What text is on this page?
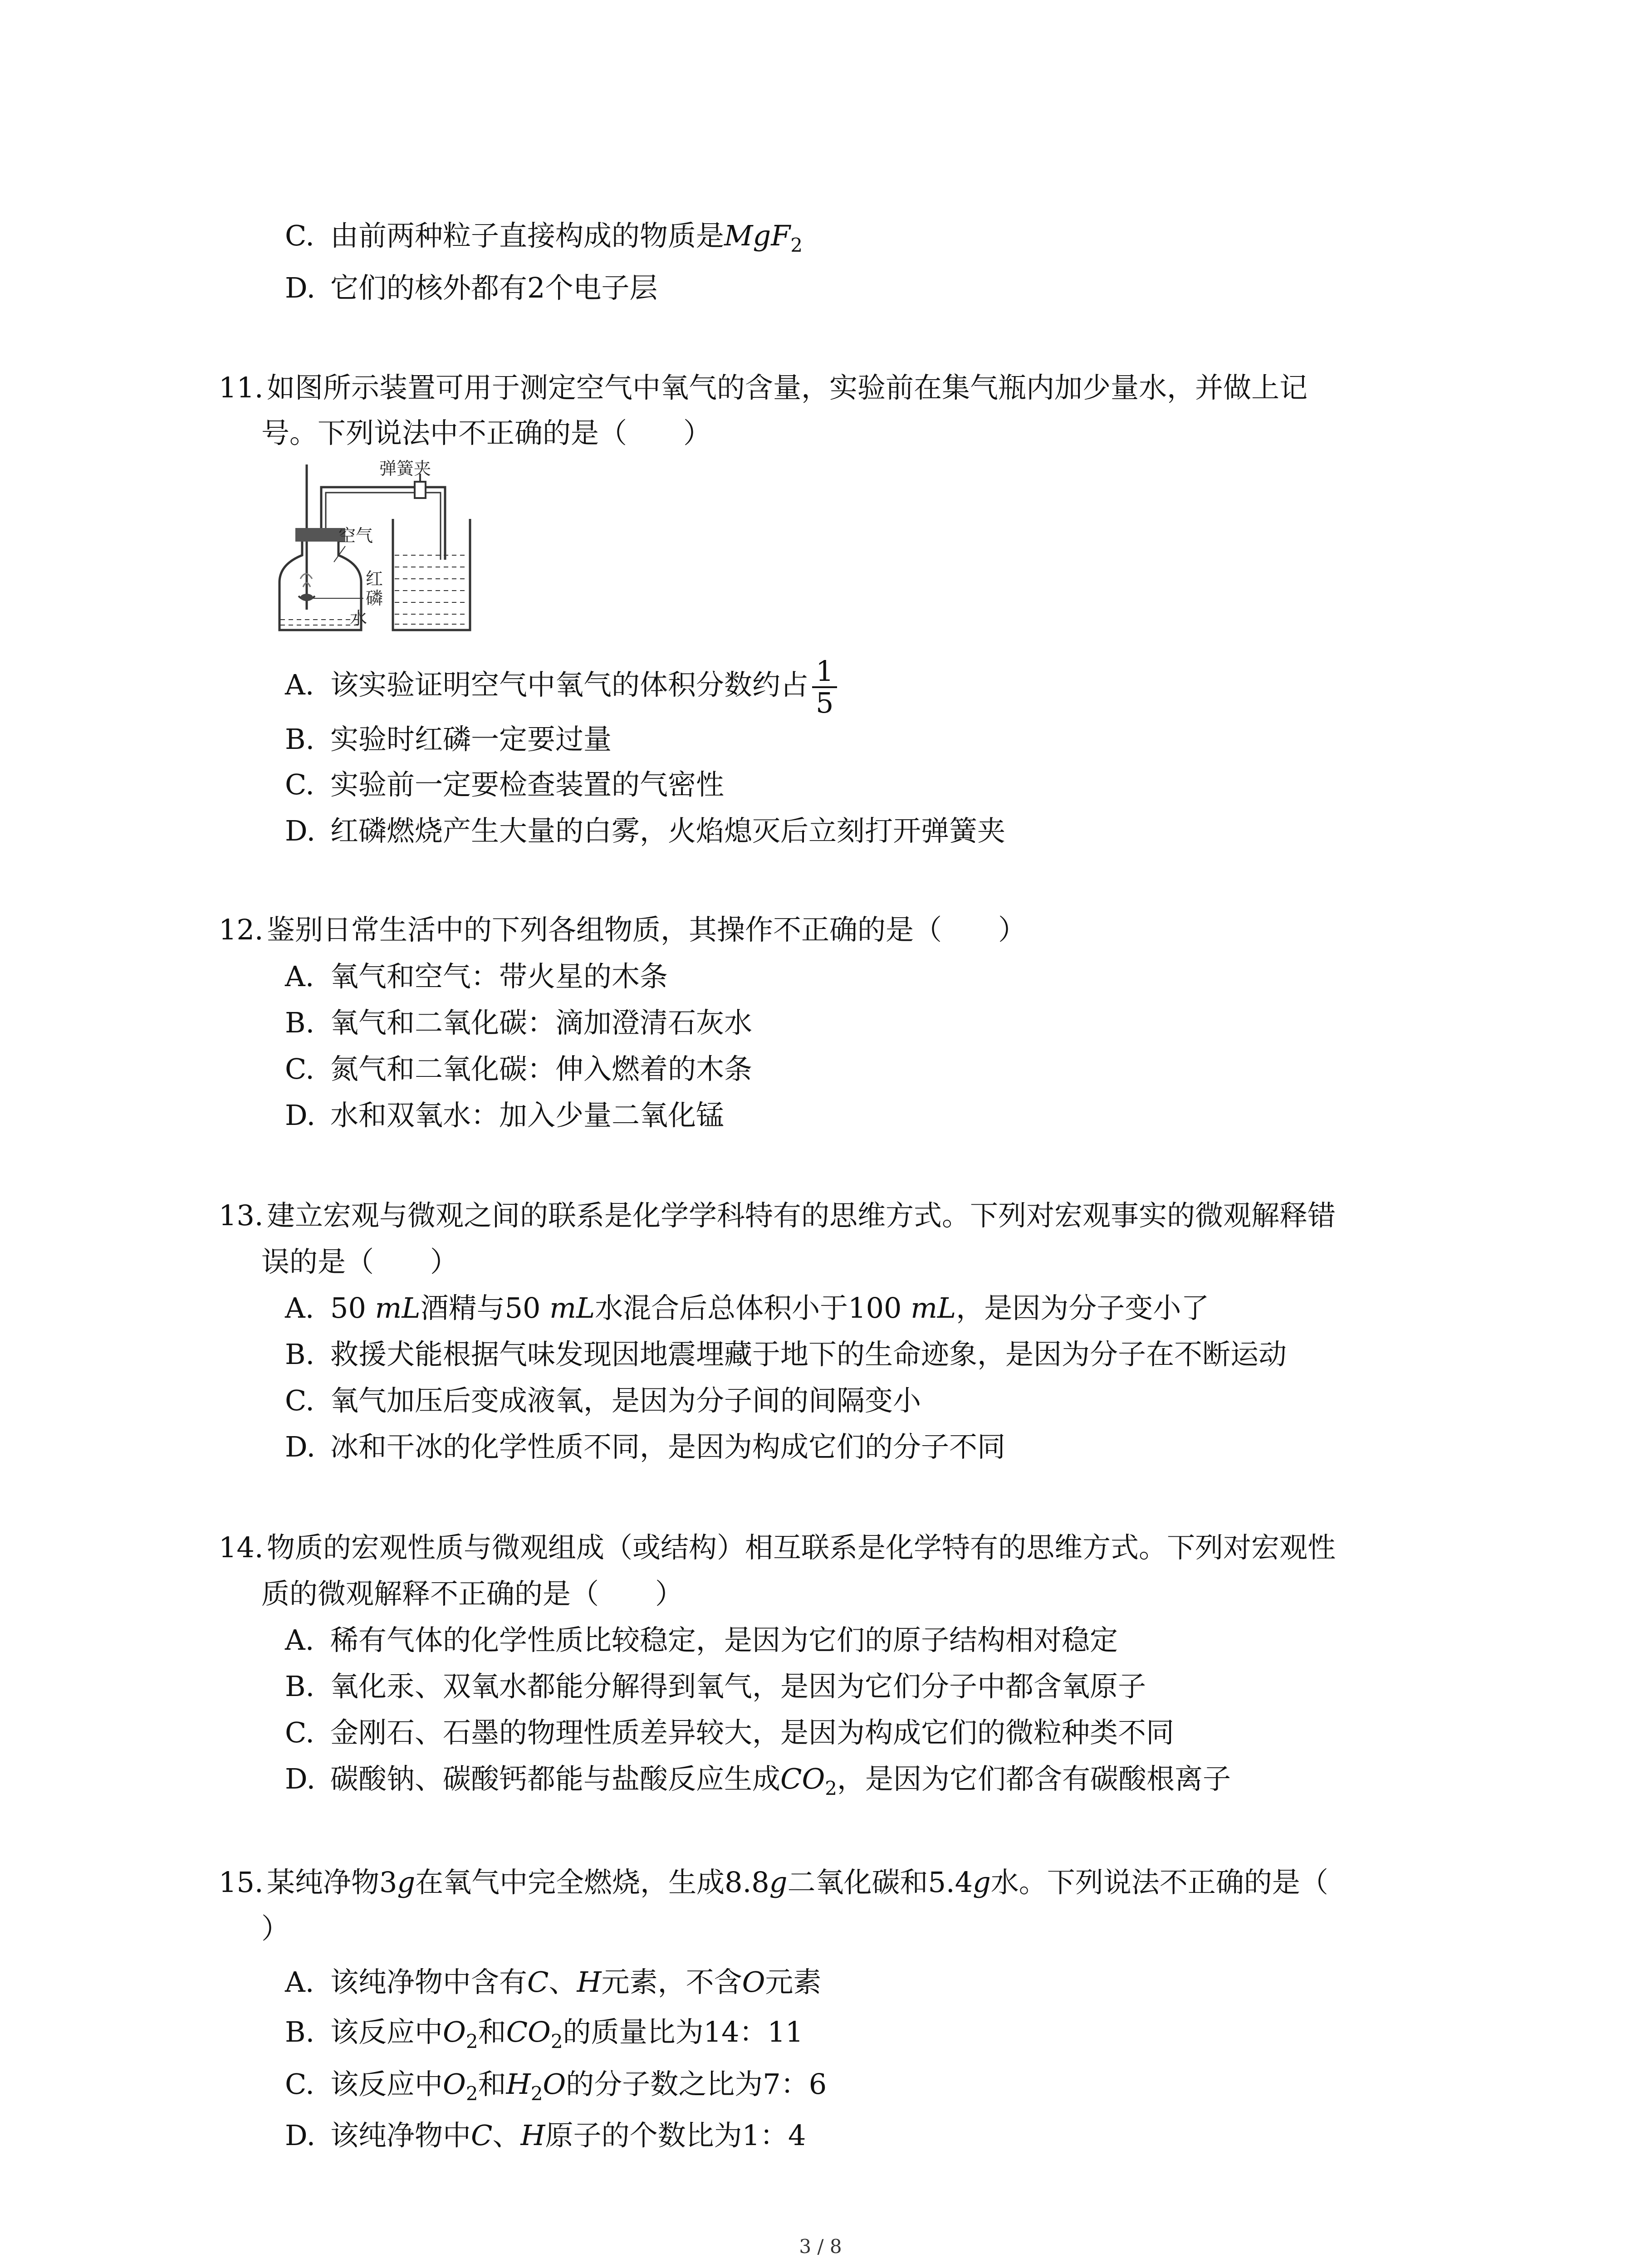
C. 由前两种粒子直接构成的物质是MgF$_2$
D. 它们的核外都有2个电子层
11. 如图所示装置可用于测定空气中氧气的含量，实验前在集气瓶内加少量水，并做上记
号。下列说法中不正确的是（　　）
弹簧夹
空气
红
磷
水
A. 该实验证明空气中氧气的体积分数约占 $\frac{1}{5}$
B. 实验时红磷一定要过量
C. 实验前一定要检查装置的气密性
D. 红磷燃烧产生大量的白雾，火焰熄灭后立刻打开弹簧夹
12. 鉴别日常生活中的下列各组物质，其操作不正确的是（　　）
A. 氧气和空气：带火星的木条
B. 氧气和二氧化碳：滴加澄清石灰水
C. 氮气和二氧化碳：伸入燃着的木条
D. 水和双氧水：加入少量二氧化锰
13. 建立宏观与微观之间的联系是化学学科特有的思维方式。下列对宏观事实的微观解释错
误的是（　　）
A. 50 mL酒精与50 mL水混合后总体积小于100 mL，是因为分子变小了
B. 救援犬能根据气味发现因地震埋藏于地下的生命迹象，是因为分子在不断运动
C. 氧气加压后变成液氧，是因为分子间的间隔变小
D. 冰和干冰的化学性质不同，是因为构成它们的分子不同
14. 物质的宏观性质与微观组成（或结构）相互联系是化学特有的思维方式。下列对宏观性
质的微观解释不正确的是（　　）
A. 稀有气体的化学性质比较稳定，是因为它们的原子结构相对稳定
B. 氧化汞、双氧水都能分解得到氧气，是因为它们分子中都含氧原子
C. 金刚石、石墨的物理性质差异较大，是因为构成它们的微粒种类不同
D. 碳酸钠、碳酸钙都能与盐酸反应生成$CO_2$，是因为它们都含有碳酸根离子
15. 某纯净物3g在氧气中完全燃烧，生成8.8g二氧化碳和5.4g水。下列说法不正确的是（
）
A. 该纯净物中含有C、H元素，不含O元素
B. 该反应中$O_2$和$CO_2$的质量比为14：11
C. 该反应中$O_2$和$H_2O$的分子数之比为7：6
D. 该纯净物中C、H原子的个数比为1：4
3 / 8
